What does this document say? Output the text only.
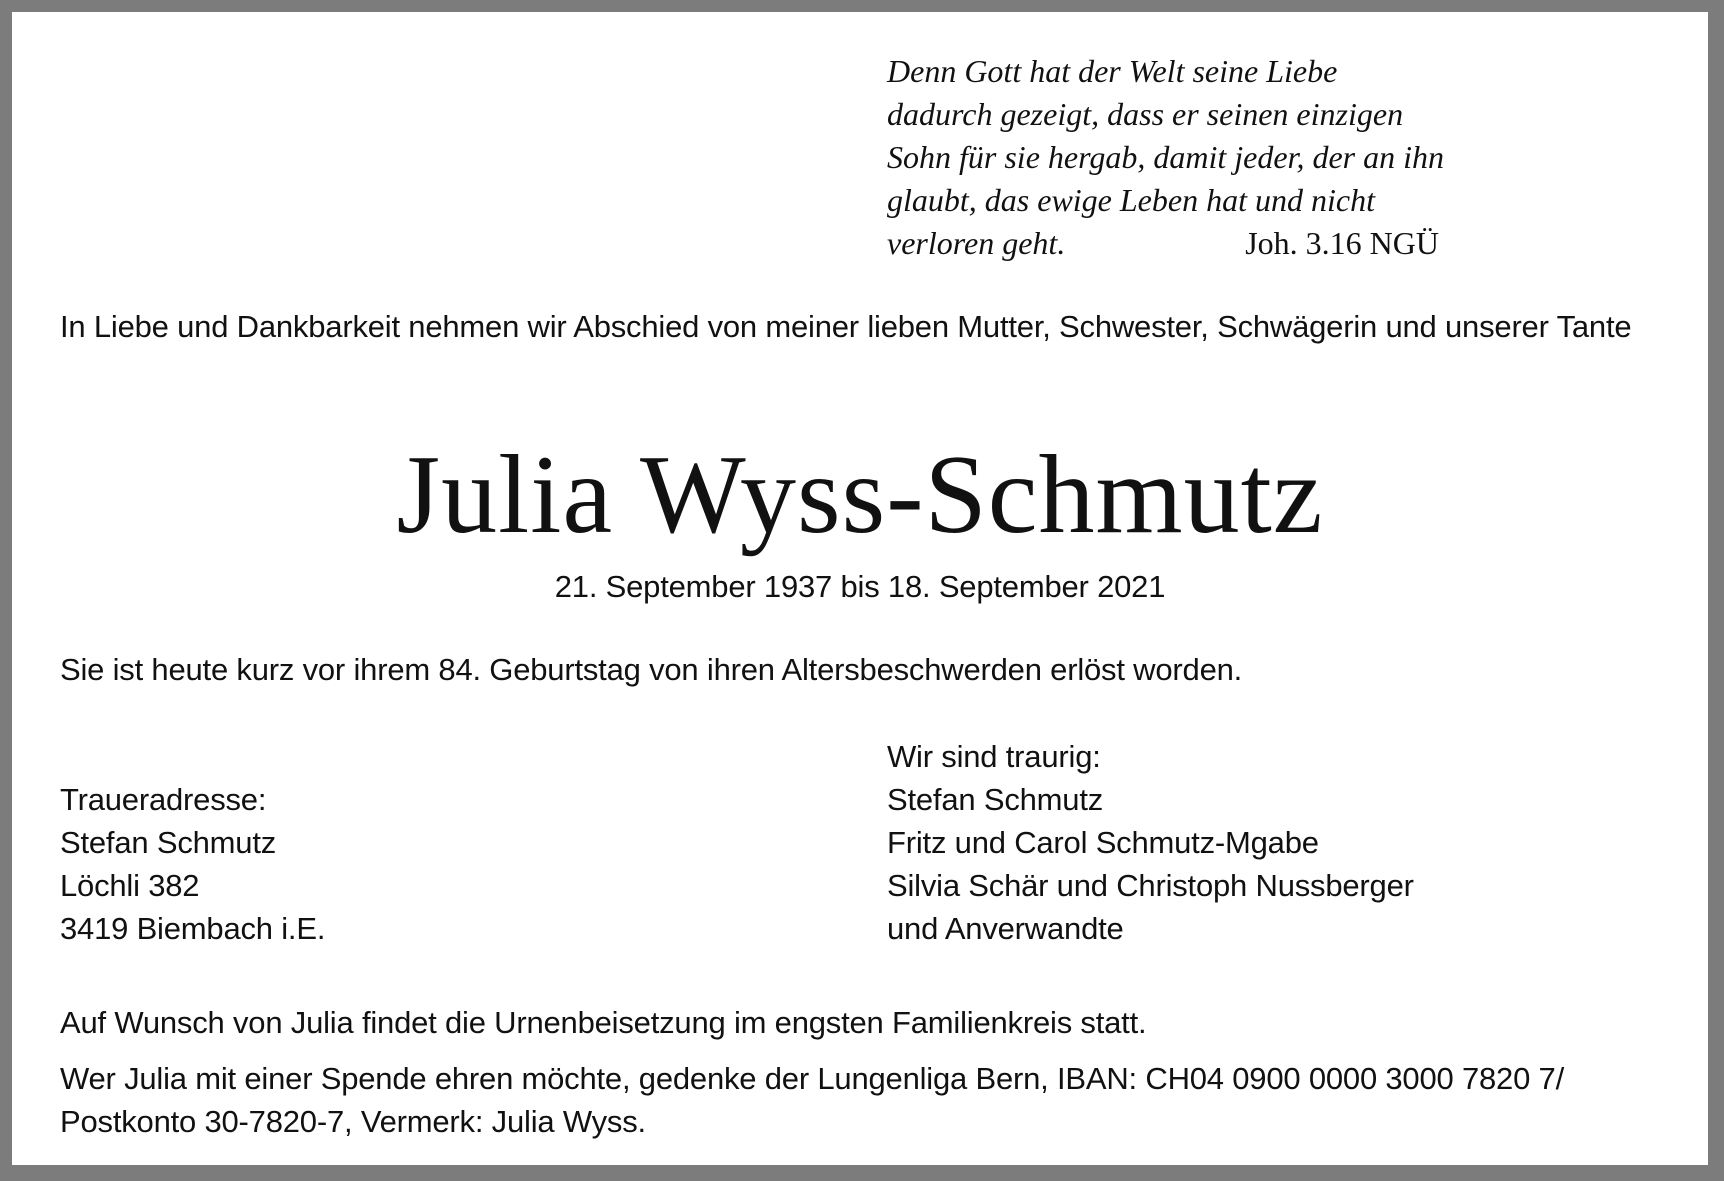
Denn Gott hat der Welt seine Liebe
dadurch gezeigt, dass er seinen einzigen
Sohn für sie hergab, damit jeder, der an ihn
glaubt, das ewige Leben hat und nicht
verloren geht.	Joh. 3.16 NGÜ
In Liebe und Dankbarkeit nehmen wir Abschied von meiner lieben Mutter, Schwester, Schwägerin und unserer Tante
Julia Wyss-Schmutz
21. September 1937 bis 18. September 2021
Sie ist heute kurz vor ihrem 84. Geburtstag von ihren Altersbeschwerden erlöst worden.
Traueradresse:
Stefan Schmutz
Löchli 382
3419 Biembach i.E.
Wir sind traurig:
Stefan Schmutz
Fritz und Carol Schmutz-Mgabe
Silvia Schär und Christoph Nussberger
und Anverwandte
Auf Wunsch von Julia findet die Urnenbeisetzung im engsten Familienkreis statt.
Wer Julia mit einer Spende ehren möchte, gedenke der Lungenliga Bern, IBAN: CH04 0900 0000 3000 7820 7/
Postkonto 30-7820-7, Vermerk: Julia Wyss.
